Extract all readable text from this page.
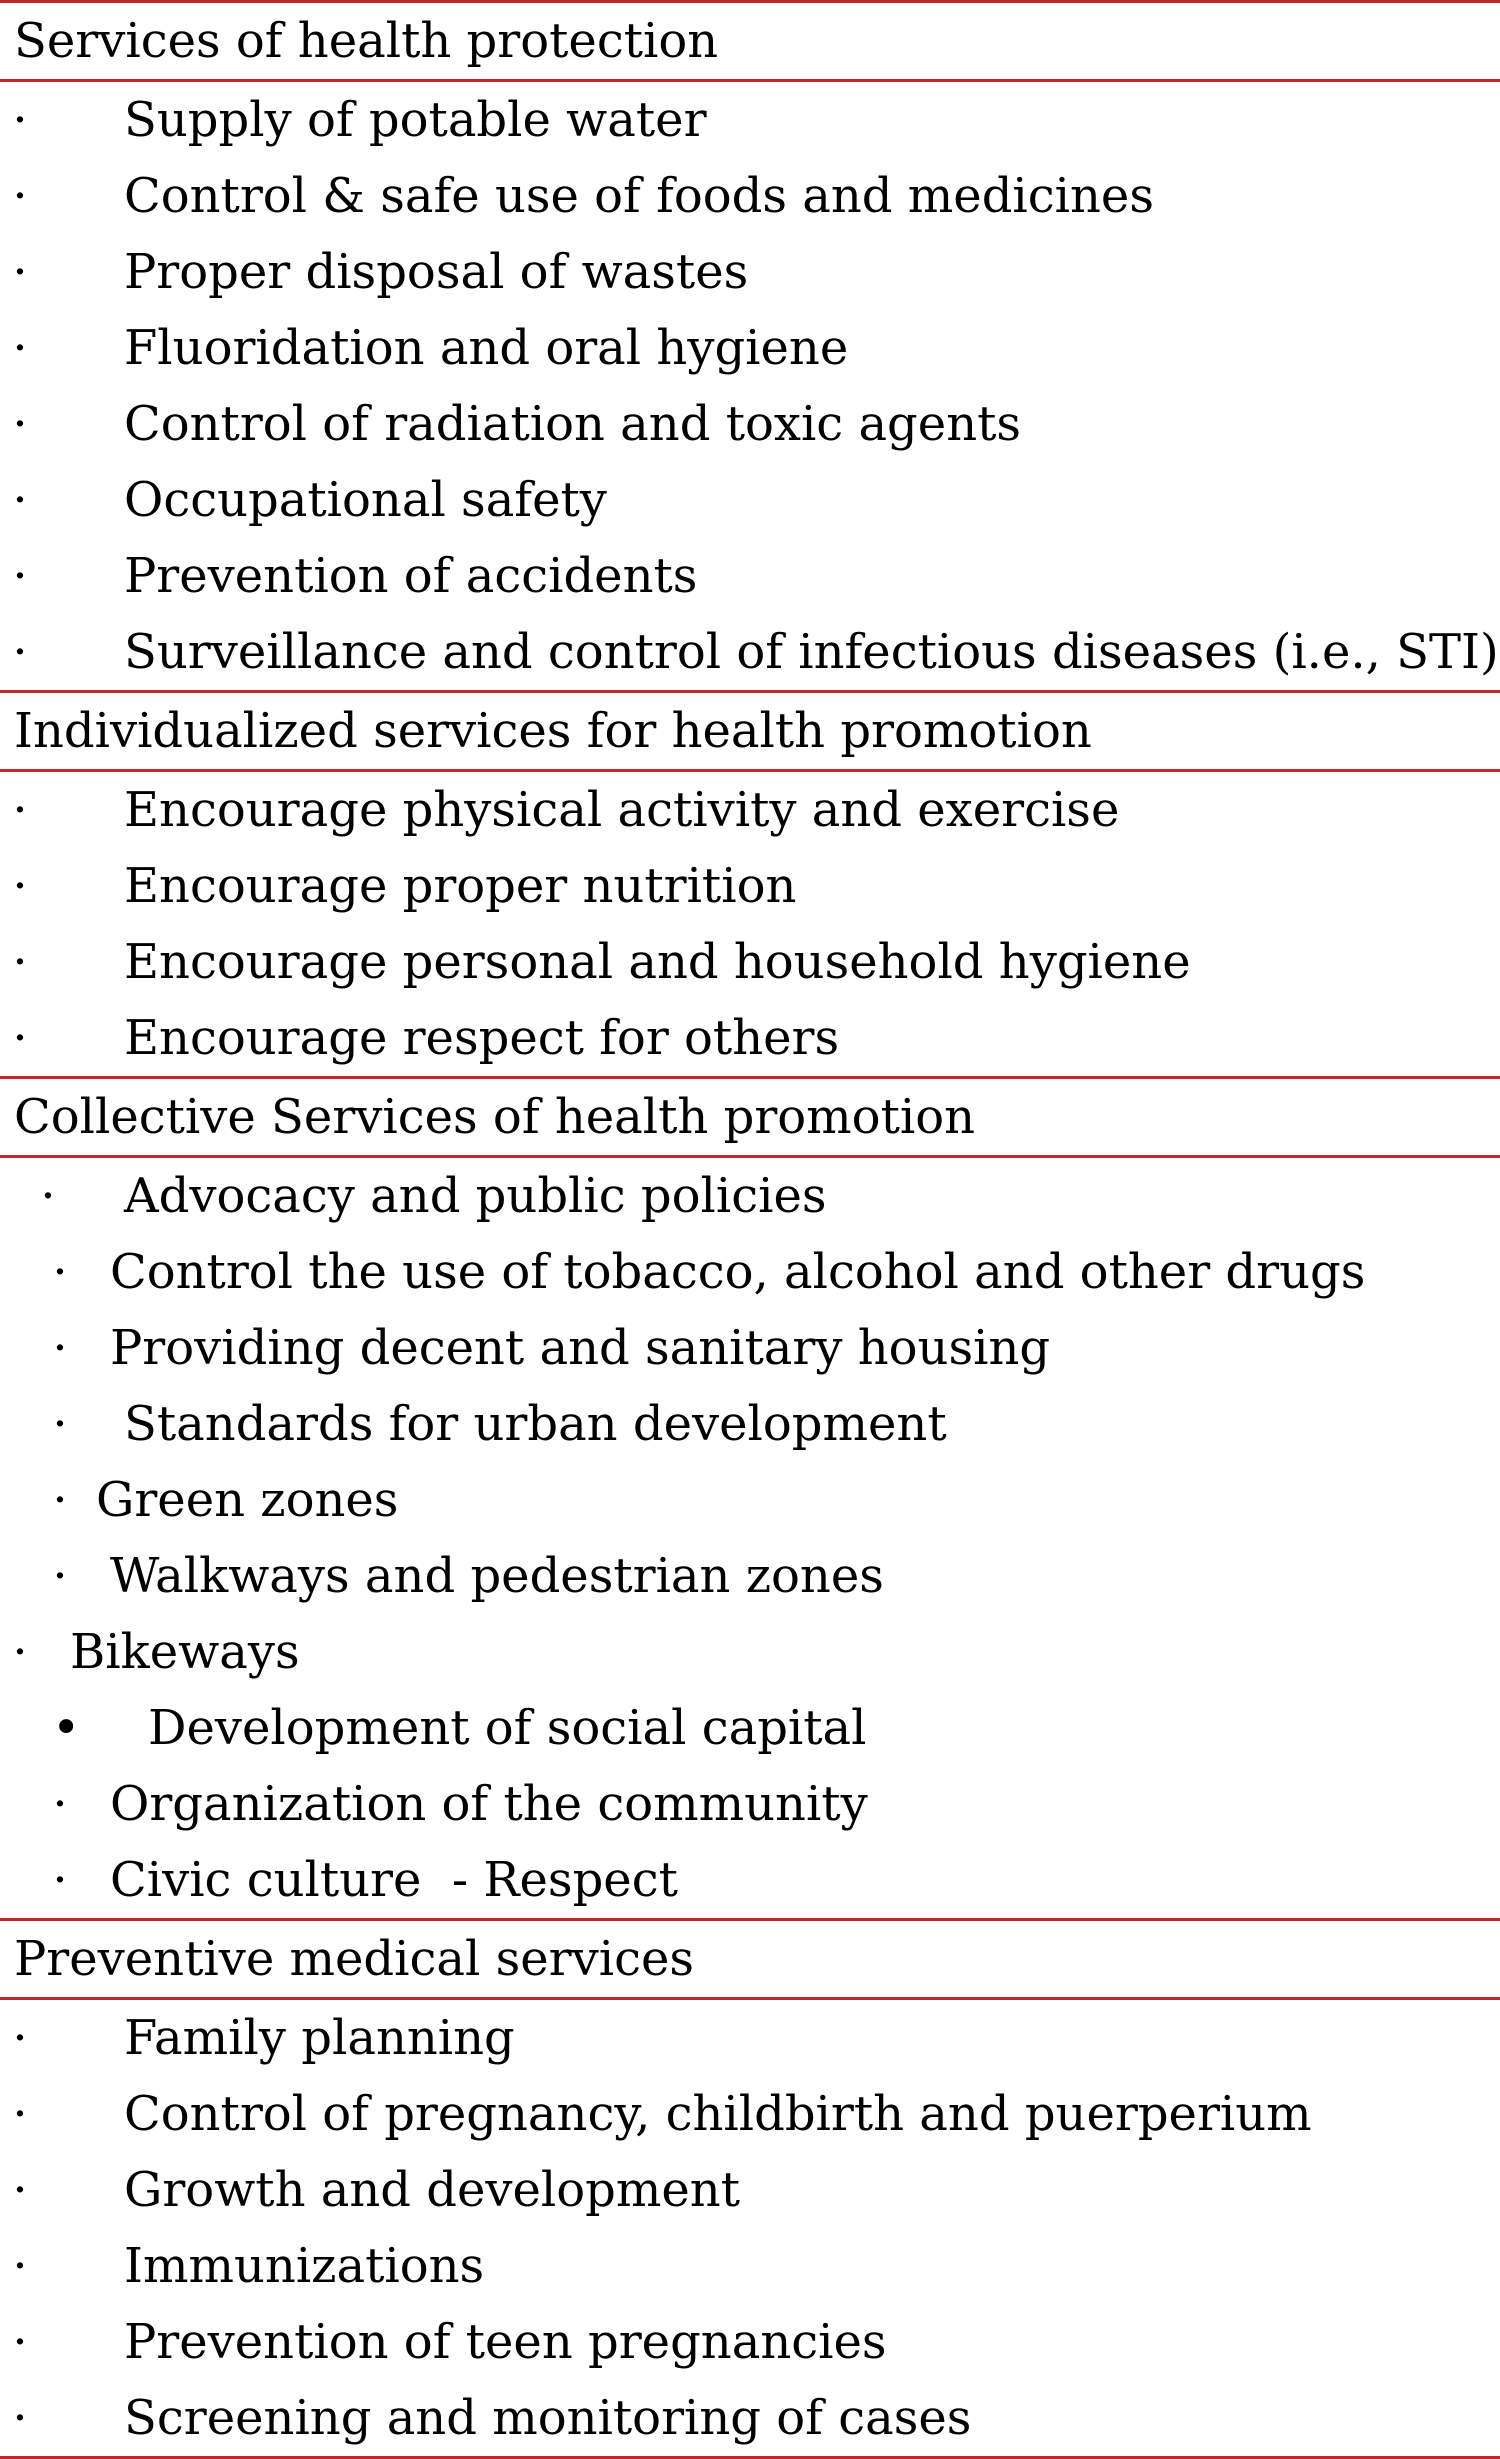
Services of health protection
· Supply of potable water
· Control & safe use of foods and medicines
· Proper disposal of wastes
· Fluoridation and oral hygiene
· Control of radiation and toxic agents
· Occupational safety
· Prevention of accidents
· Surveillance and control of infectious diseases (i.e., STI)
Individualized services for health promotion
· Encourage physical activity and exercise
· Encourage proper nutrition
· Encourage personal and household hygiene
· Encourage respect for others
Collective Services of health promotion
· Advocacy and public policies
· Control the use of tobacco, alcohol and other drugs
· Providing decent and sanitary housing
· Standards for urban development
· Green zones
· Walkways and pedestrian zones
· Bikeways
• Development of social capital
· Organization of the community
· Civic culture  - Respect
Preventive medical services
· Family planning
· Control of pregnancy, childbirth and puerperium
· Growth and development
· Immunizations
· Prevention of teen pregnancies
· Screening and monitoring of cases
